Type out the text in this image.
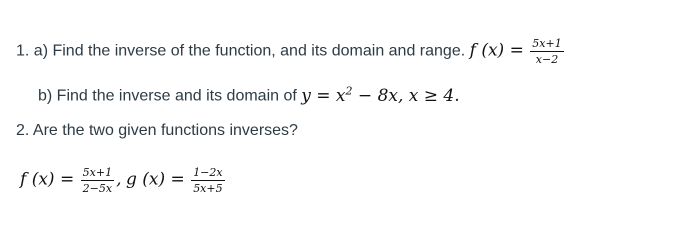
1. a) Find the inverse of the function, and its domain and range. f $(x) = \frac{5x+1}{x-2}$
b) Find the inverse and its domain of $y = x^2 - 8x$, x ≥ 4.
2. Are the two given functions inverses?
f $(x) = \frac{5x+1}{2-5x}$ , g $(x) = \frac{1-2x}{5x+5}$
